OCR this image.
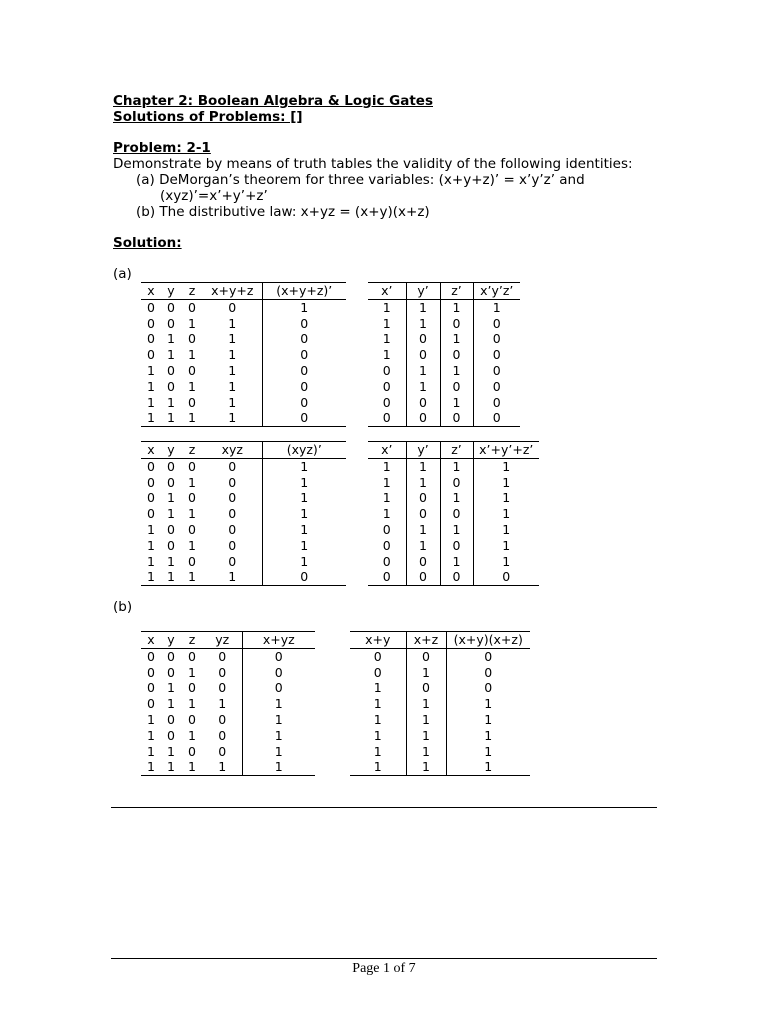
Chapter 2: Boolean Algebra & Logic Gates
Solutions of Problems: []
Problem: 2-1
Demonstrate by means of truth tables the validity of the following identities:
(a) DeMorgan’s theorem for three variables: (x+y+z)’ = x’y’z’ and
(xyz)’=x’+y’+z’
(b) The distributive law: x+yz = (x+y)(x+z)
Solution:
(a)
x	y	z	x+y+z	(x+y+z)’
0	0	0	0	1
0	0	1	1	0
0	1	0	1	0
0	1	1	1	0
1	0	0	1	0
1	0	1	1	0
1	1	0	1	0
1	1	1	1	0
x’	y’	z’	x’y’z’
1	1	1	1
1	1	0	0
1	0	1	0
1	0	0	0
0	1	1	0
0	1	0	0
0	0	1	0
0	0	0	0
x	y	z	xyz	(xyz)’
0	0	0	0	1
0	0	1	0	1
0	1	0	0	1
0	1	1	0	1
1	0	0	0	1
1	0	1	0	1
1	1	0	0	1
1	1	1	1	0
x’	y’	z’	x’+y’+z’
1	1	1	1
1	1	0	1
1	0	1	1
1	0	0	1
0	1	1	1
0	1	0	1
0	0	1	1
0	0	0	0
(b)
x	y	z	yz	x+yz
0	0	0	0	0
0	0	1	0	0
0	1	0	0	0
0	1	1	1	1
1	0	0	0	1
1	0	1	0	1
1	1	0	0	1
1	1	1	1	1
x+y	x+z	(x+y)(x+z)
0	0	0
0	1	0
1	0	0
1	1	1
1	1	1
1	1	1
1	1	1
1	1	1
Page 1 of 7
